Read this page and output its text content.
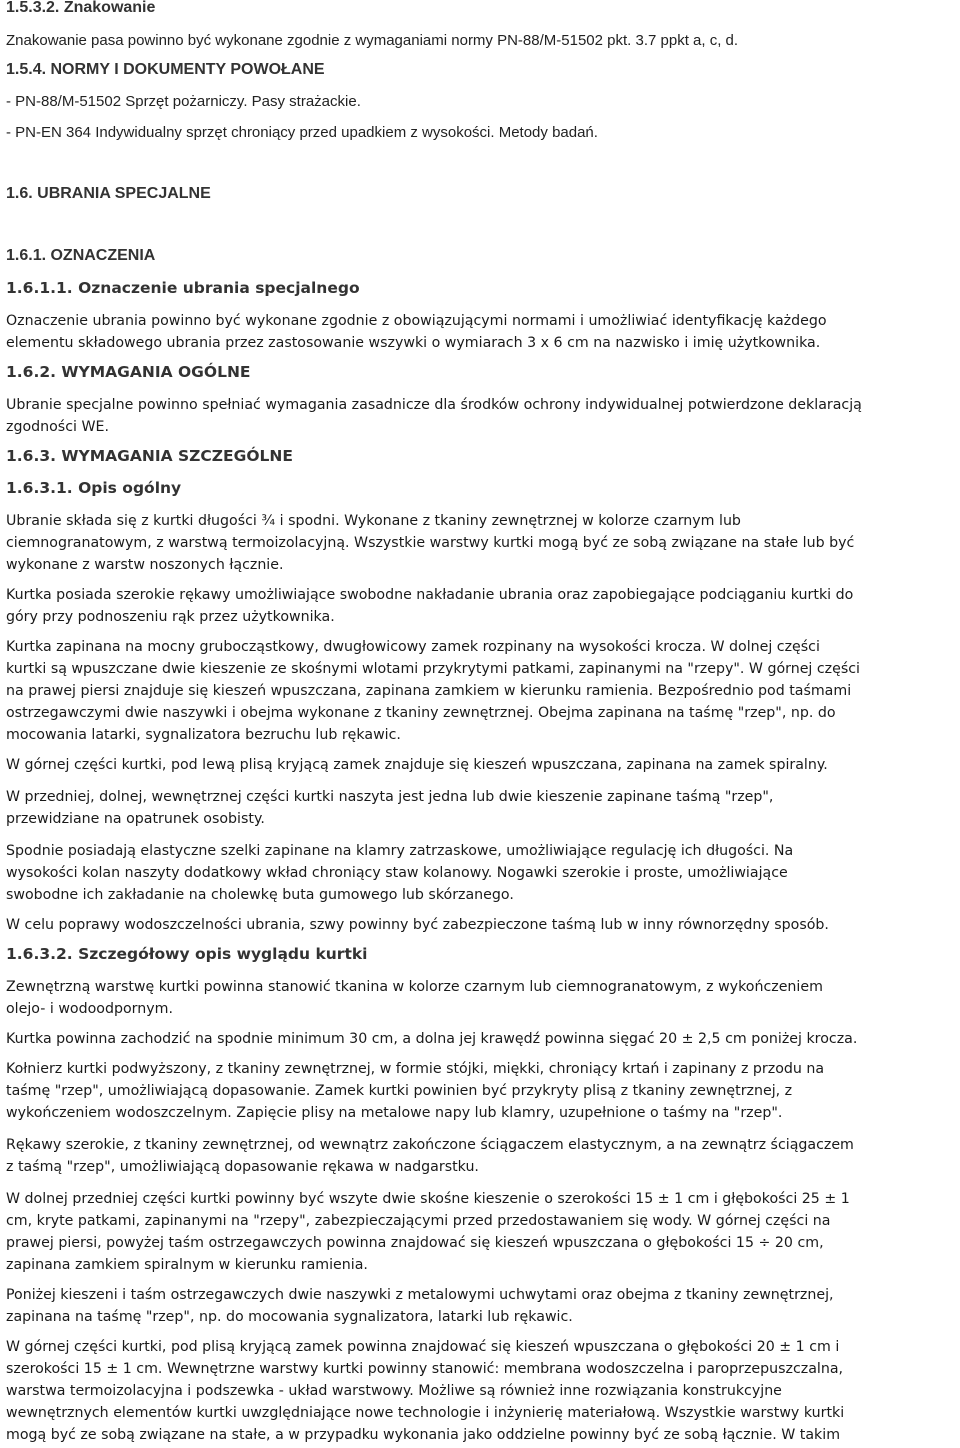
1.5.3.2. Znakowanie
Znakowanie pasa powinno być wykonane zgodnie z wymaganiami normy PN-88/M-51502 pkt. 3.7 ppkt a, c, d.
1.5.4. NORMY I DOKUMENTY POWOŁANE
- PN-88/M-51502 Sprzęt pożarniczy. Pasy strażackie.
- PN-EN 364 Indywidualny sprzęt chroniący przed upadkiem z wysokości. Metody badań.
1.6. UBRANIA SPECJALNE
1.6.1. OZNACZENIA
1.6.1.1. Oznaczenie ubrania specjalnego
Oznaczenie ubrania powinno być wykonane zgodnie z obowiązującymi normami i umożliwiać identyfikację każdego
elementu składowego ubrania przez zastosowanie wszywki o wymiarach 3 x 6 cm na nazwisko i imię użytkownika.
1.6.2. WYMAGANIA OGÓLNE
Ubranie specjalne powinno spełniać wymagania zasadnicze dla środków ochrony indywidualnej potwierdzone deklaracją
zgodności WE.
1.6.3. WYMAGANIA SZCZEGÓLNE
1.6.3.1. Opis ogólny
Ubranie składa się z kurtki długości ¾ i spodni. Wykonane z tkaniny zewnętrznej w kolorze czarnym lub
ciemnogranatowym, z warstwą termoizolacyjną. Wszystkie warstwy kurtki mogą być ze sobą związane na stałe lub być
wykonane z warstw noszonych łącznie.
Kurtka posiada szerokie rękawy umożliwiające swobodne nakładanie ubrania oraz zapobiegające podciąganiu kurtki do
góry przy podnoszeniu rąk przez użytkownika.
Kurtka zapinana na mocny grubocząstkowy, dwugłowicowy zamek rozpinany na wysokości krocza. W dolnej części
kurtki są wpuszczane dwie kieszenie ze skośnymi wlotami przykrytymi patkami, zapinanymi na "rzepy". W górnej części
na prawej piersi znajduje się kieszeń wpuszczana, zapinana zamkiem w kierunku ramienia. Bezpośrednio pod taśmami
ostrzegawczymi dwie naszywki i obejma wykonane z tkaniny zewnętrznej. Obejma zapinana na taśmę "rzep", np. do
mocowania latarki, sygnalizatora bezruchu lub rękawic.
W górnej części kurtki, pod lewą plisą kryjącą zamek znajduje się kieszeń wpuszczana, zapinana na zamek spiralny.
W przedniej, dolnej, wewnętrznej części kurtki naszyta jest jedna lub dwie kieszenie zapinane taśmą "rzep",
przewidziane na opatrunek osobisty.
Spodnie posiadają elastyczne szelki zapinane na klamry zatrzaskowe, umożliwiające regulację ich długości. Na
wysokości kolan naszyty dodatkowy wkład chroniący staw kolanowy. Nogawki szerokie i proste, umożliwiające
swobodne ich zakładanie na cholewkę buta gumowego lub skórzanego.
W celu poprawy wodoszczelności ubrania, szwy powinny być zabezpieczone taśmą lub w inny równorzędny sposób.
1.6.3.2. Szczegółowy opis wyglądu kurtki
Zewnętrzną warstwę kurtki powinna stanowić tkanina w kolorze czarnym lub ciemnogranatowym, z wykończeniem
olejo- i wodoodpornym.
Kurtka powinna zachodzić na spodnie minimum 30 cm, a dolna jej krawędź powinna sięgać 20 ± 2,5 cm poniżej krocza.
Kołnierz kurtki podwyższony, z tkaniny zewnętrznej, w formie stójki, miękki, chroniący krtań i zapinany z przodu na
taśmę "rzep", umożliwiającą dopasowanie. Zamek kurtki powinien być przykryty plisą z tkaniny zewnętrznej, z
wykończeniem wodoszczelnym. Zapięcie plisy na metalowe napy lub klamry, uzupełnione o taśmy na "rzep".
Rękawy szerokie, z tkaniny zewnętrznej, od wewnątrz zakończone ściągaczem elastycznym, a na zewnątrz ściągaczem
z taśmą "rzep", umożliwiającą dopasowanie rękawa w nadgarstku.
W dolnej przedniej części kurtki powinny być wszyte dwie skośne kieszenie o szerokości 15 ± 1 cm i głębokości 25 ± 1
cm, kryte patkami, zapinanymi na "rzepy", zabezpieczającymi przed przedostawaniem się wody. W górnej części na
prawej piersi, powyżej taśm ostrzegawczych powinna znajdować się kieszeń wpuszczana o głębokości 15 ÷ 20 cm,
zapinana zamkiem spiralnym w kierunku ramienia.
Poniżej kieszeni i taśm ostrzegawczych dwie naszywki z metalowymi uchwytami oraz obejma z tkaniny zewnętrznej,
zapinana na taśmę "rzep", np. do mocowania sygnalizatora, latarki lub rękawic.
W górnej części kurtki, pod plisą kryjącą zamek powinna znajdować się kieszeń wpuszczana o głębokości 20 ± 1 cm i
szerokości 15 ± 1 cm. Wewnętrzne warstwy kurtki powinny stanowić: membrana wodoszczelna i paroprzepuszczalna,
warstwa termoizolacyjna i podszewka - układ warstwowy. Możliwe są również inne rozwiązania konstrukcyjne
wewnętrznych elementów kurtki uwzględniające nowe technologie i inżynierię materiałową. Wszystkie warstwy kurtki
mogą być ze sobą związane na stałe, a w przypadku wykonania jako oddzielne powinny być ze sobą łącznie. W takim
